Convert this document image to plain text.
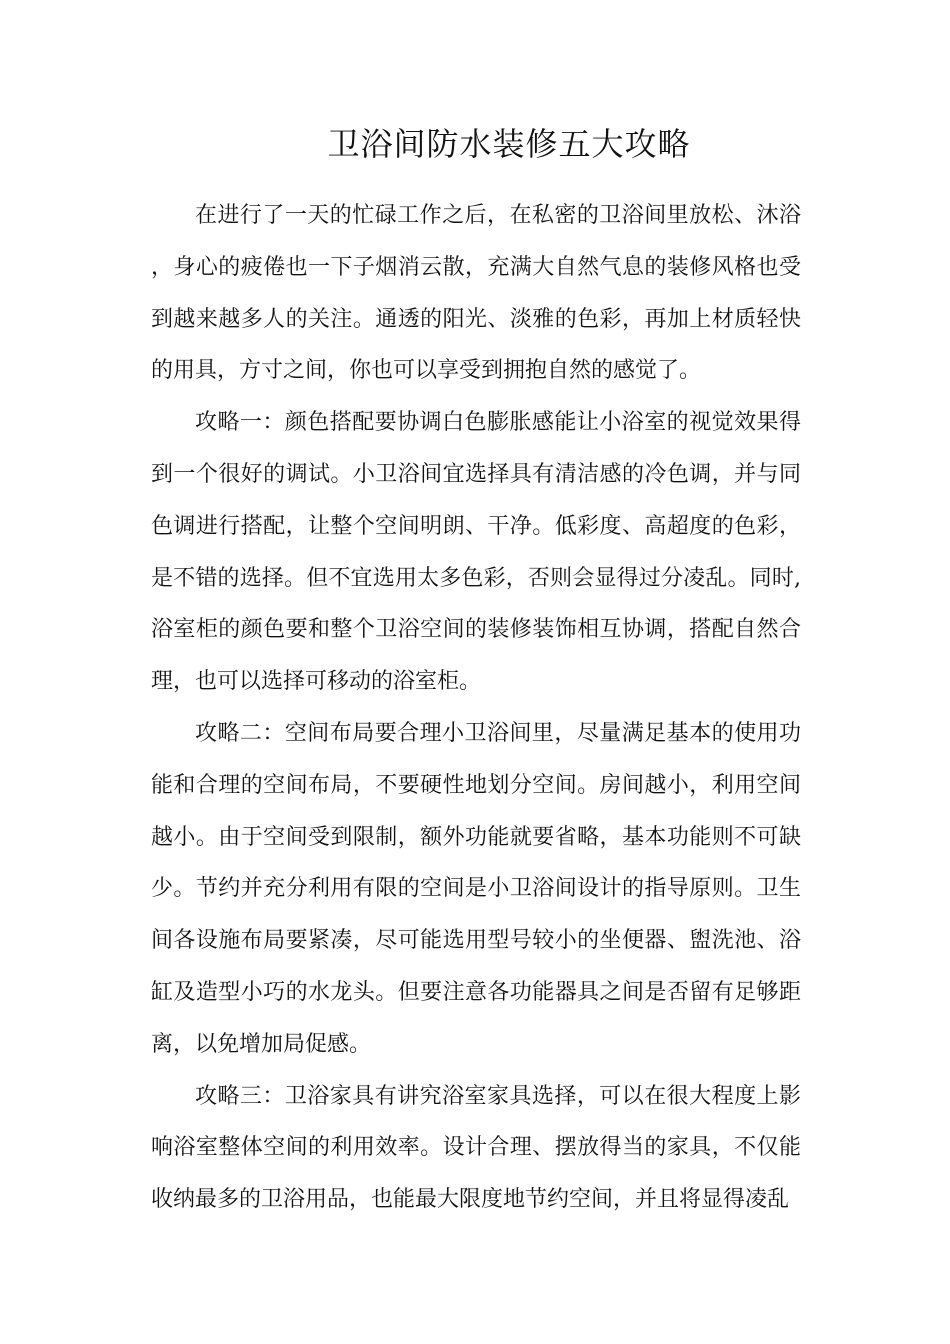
卫浴间防水装修五大攻略

在进行了一天的忙碌工作之后，在私密的卫浴间里放松、沐浴，身心的疲倦也一下子烟消云散，充满大自然气息的装修风格也受到越来越多人的关注。通透的阳光、淡雅的色彩，再加上材质轻快的用具，方寸之间，你也可以享受到拥抱自然的感觉了。

攻略一：颜色搭配要协调白色膨胀感能让小浴室的视觉效果得到一个很好的调试。小卫浴间宜选择具有清洁感的冷色调，并与同色调进行搭配，让整个空间明朗、干净。低彩度、高超度的色彩，是不错的选择。但不宜选用太多色彩，否则会显得过分凌乱。同时,浴室柜的颜色要和整个卫浴空间的装修装饰相互协调，搭配自然合理，也可以选择可移动的浴室柜。

攻略二：空间布局要合理小卫浴间里，尽量满足基本的使用功能和合理的空间布局，不要硬性地划分空间。房间越小，利用空间越小。由于空间受到限制，额外功能就要省略，基本功能则不可缺少。节约并充分利用有限的空间是小卫浴间设计的指导原则。卫生间各设施布局要紧凑，尽可能选用型号较小的坐便器、盥洗池、浴缸及造型小巧的水龙头。但要注意各功能器具之间是否留有足够距离，以免增加局促感。

攻略三：卫浴家具有讲究浴室家具选择，可以在很大程度上影响浴室整体空间的利用效率。设计合理、摆放得当的家具，不仅能收纳最多的卫浴用品，也能最大限度地节约空间，并且将显得凌乱
